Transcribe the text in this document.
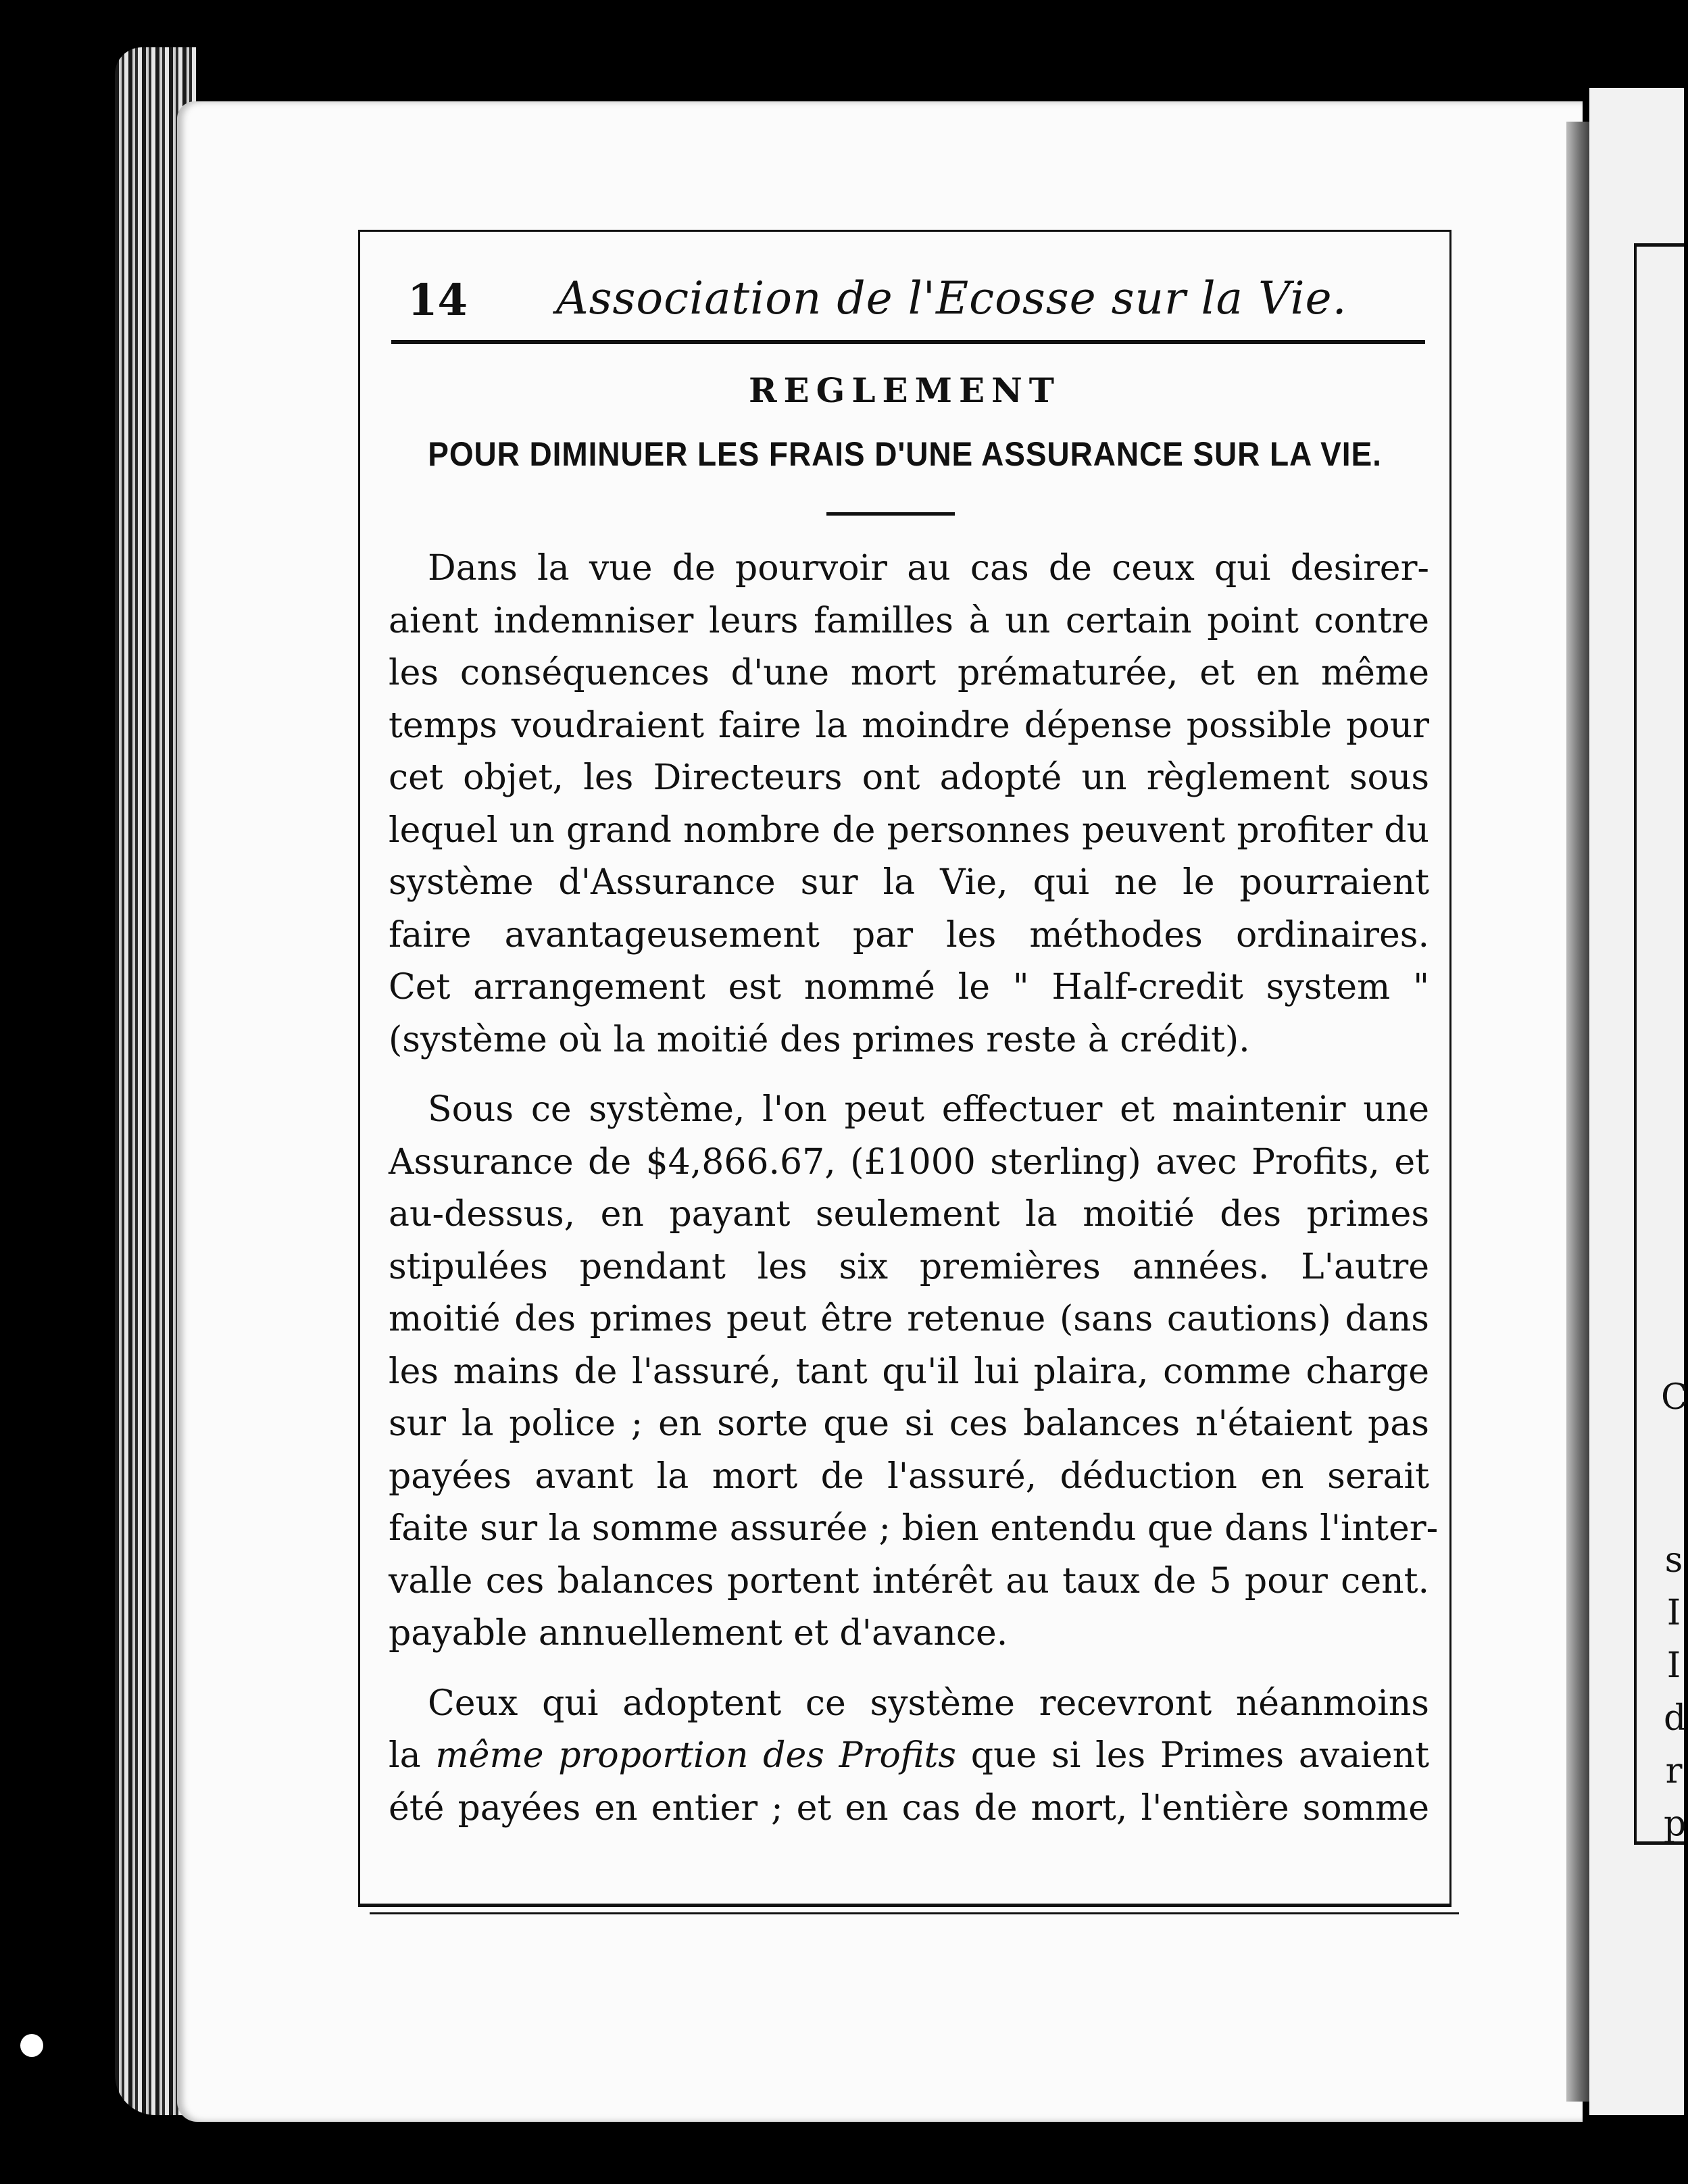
C
s
I
I
d
r
p
14 Association de l'Ecosse sur la Vie.
REGLEMENT
POUR DIMINUER LES FRAIS D'UNE ASSURANCE SUR LA VIE.
Dans la vue de pourvoir au cas de ceux qui desirer-
aient indemniser leurs familles à un certain point contre
les conséquences d'une mort prématurée, et en même
temps voudraient faire la moindre dépense possible pour
cet objet, les Directeurs ont adopté un règlement sous
lequel un grand nombre de personnes peuvent profiter du
système d'Assurance sur la Vie, qui ne le pourraient
faire avantageusement par les méthodes ordinaires.
Cet arrangement est nommé le " Half-credit system "
(système où la moitié des primes reste à crédit).
Sous ce système, l'on peut effectuer et maintenir une
Assurance de $4,866.67, (£1000 sterling) avec Profits, et
au-dessus, en payant seulement la moitié des primes
stipulées pendant les six premières années. L'autre
moitié des primes peut être retenue (sans cautions) dans
les mains de l'assuré, tant qu'il lui plaira, comme charge
sur la police ; en sorte que si ces balances n'étaient pas
payées avant la mort de l'assuré, déduction en serait
faite sur la somme assurée ; bien entendu que dans l'inter-
valle ces balances portent intérêt au taux de 5 pour cent.
payable annuellement et d'avance.
Ceux qui adoptent ce système recevront néanmoins
la même proportion des Profits que si les Primes avaient
été payées en entier ; et en cas de mort, l'entière somme
